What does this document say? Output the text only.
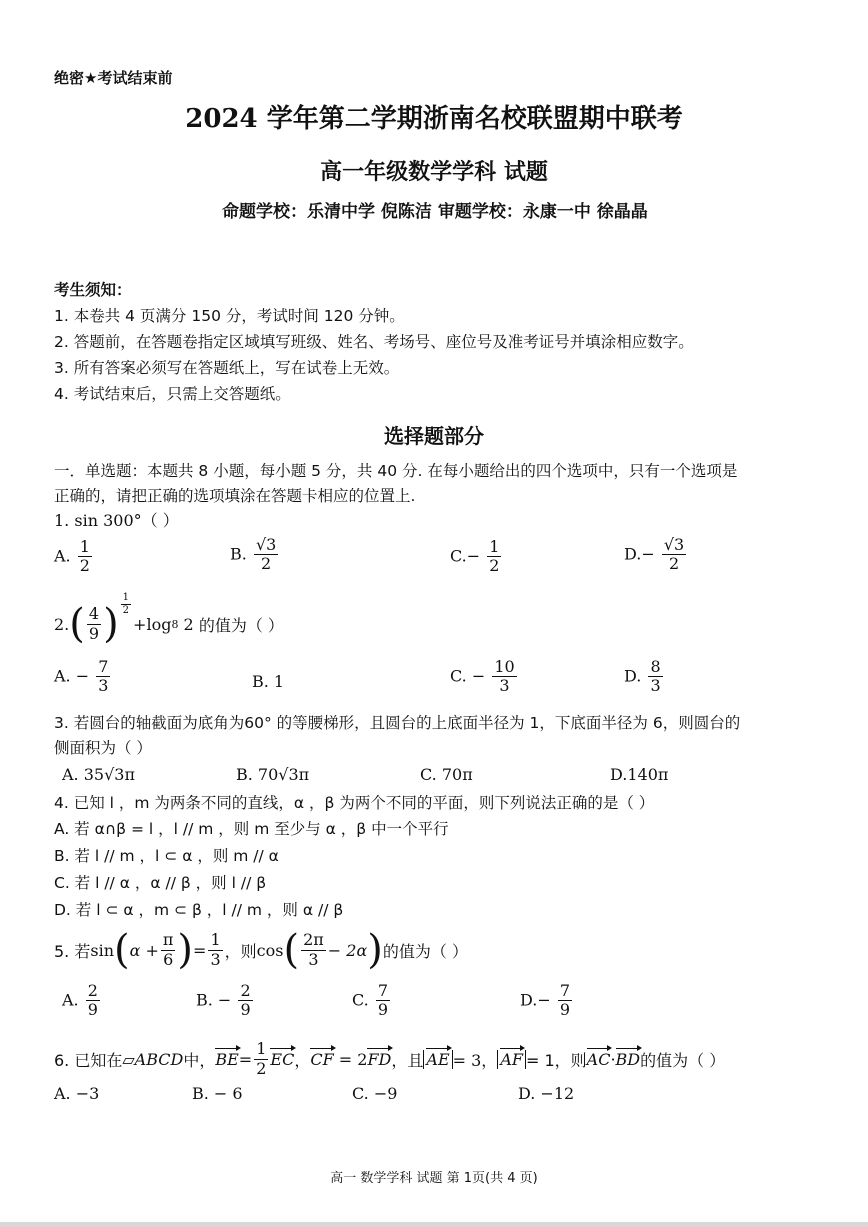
绝密★考试结束前
2024 学年第二学期浙南名校联盟期中联考
高一年级数学学科 试题
命题学校：乐清中学 倪陈洁 审题学校：永康一中 徐晶晶
考生须知：
1. 本卷共 4 页满分 150 分，考试时间 120 分钟。
2. 答题前，在答题卷指定区域填写班级、姓名、考场号、座位号及准考证号并填涂相应数字。
3. 所有答案必须写在答题纸上，写在试卷上无效。
4. 考试结束后，只需上交答题纸。
选择题部分
一．单选题：本题共 8 小题，每小题 5 分，共 40 分. 在每小题给出的四个选项中，只有一个选项是
正确的，请把正确的选项填涂在答题卡相应的位置上.
1. sin 300°（ ）
A. $\frac{1}{2}$	B. $\frac{√3}{2}$	$C.- \frac{1}{2}$	$D.- \frac{√3}{2}$
2. ( $\frac{4}{9}$ ) $\frac{1}{2}$
+log 8
2
的值为（ ）
A. − $\frac{7}{3}$	B. 1	C. − $\frac{10}{3}$	D. $\frac{8}{3}$
3. 若圆台的轴截面为底角为60° 的等腰梯形，且圆台的上底面半径为 1，下底面半径为 6，则圆台的
侧面积为（ ）
A. 35√3π	B. 70√3π	C. 70π	D.140π
4. 已知 l ，m 为两条不同的直线，α ，β 为两个不同的平面，则下列说法正确的是（ ）
A. 若 α∩β = l ，l // m ，则 m 至少与 α ，β 中一个平行
B. 若 l // m ，l ⊂ α ，则 m // α
C. 若 l // α ，α // β ，则 l // β
D. 若 l ⊂ α ，m ⊂ β ，l // m ，则 α // β
5. 若 sin ( $\alpha + \frac{\pi}{6}$ ) = $\frac{1}{3}$ ，则 cos ( $\frac{2\pi}{3} - 2\alpha$ ) 的值为（ ）
A. $\frac{2}{9}$	B. − $\frac{2}{9}$	C. $\frac{7}{9}$	$D.- \frac{7}{9}$
6. 已知在 ▱ABCD 中， BE = $\frac{1}{2}$ EC ， CF
= 2 FD ，且 AE = 3， AF = 1，则 AC · BD 的值为（ ）
A. −3	B. − 6	C. −9	D. −12
高一 数学学科 试题 第 1页(共 4 页)
